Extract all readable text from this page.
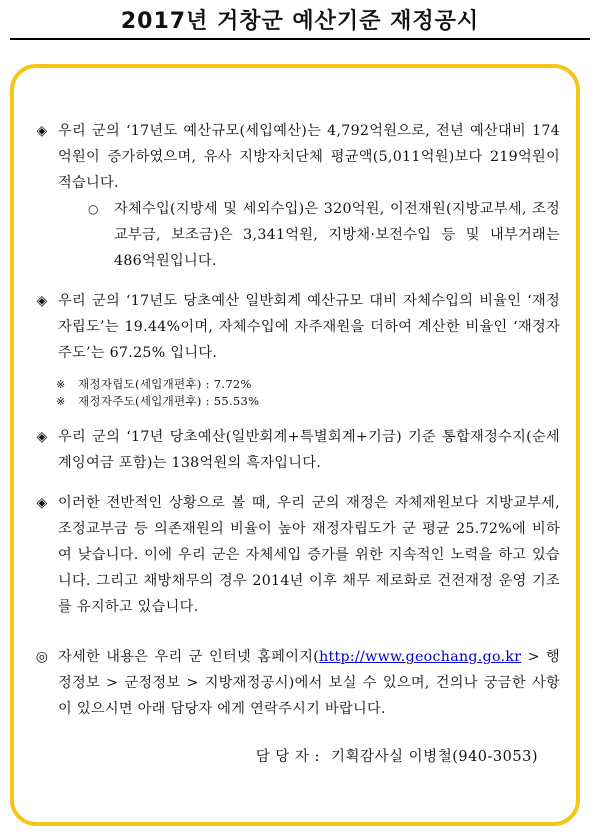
2017년 거창군 예산기준 재정공시
◈ 우리 군의 ‘17년도 예산규모(세입예산)는 4,792억원으로, 전년 예산대비 174억원이 증가하였으며, 유사 지방자치단체 평균액(5,011억원)보다 219억원이 적습니다.
○ 자체수입(지방세 및 세외수입)은 320억원, 이전재원(지방교부세, 조정교부금, 보조금)은 3,341억원, 지방채·보전수입 등 및 내부거래는 486억원입니다.
◈ 우리 군의 ‘17년도 당초예산 일반회계 예산규모 대비 자체수입의 비율인 ‘재정자립도’는 19.44%이며, 자체수입에 자주재원을 더하여 계산한 비율인 ‘재정자주도’는 67.25% 입니다.
※ 재정자립도(세입개편후) : 7.72%
※ 재정자주도(세입개편후) : 55.53%
◈ 우리 군의 ‘17년 당초예산(일반회계+특별회계+기금) 기준 통합재정수지(순세계잉여금 포함)는 138억원의 흑자입니다.
◈ 이러한 전반적인 상황으로 볼 때, 우리 군의 재정은 자체재원보다 지방교부세, 조정교부금 등 의존재원의 비율이 높아 재정자립도가 군 평균 25.72%에 비하여 낮습니다. 이에 우리 군은 자체세입 증가를 위한 지속적인 노력을 하고 있습니다. 그리고 채방채무의 경우 2014년 이후 채무 제로화로 건전재정 운영 기조를 유지하고 있습니다.
◎ 자세한 내용은 우리 군 인터넷 홈페이지(http://www.geochang.go.kr > 행정정보 > 군정정보 > 지방재정공시)에서 보실 수 있으며, 건의나 궁금한 사항이 있으시면 아래 담당자 에게 연락주시기 바랍니다.
담 당 자 : 기획감사실 이병철(940-3053)
